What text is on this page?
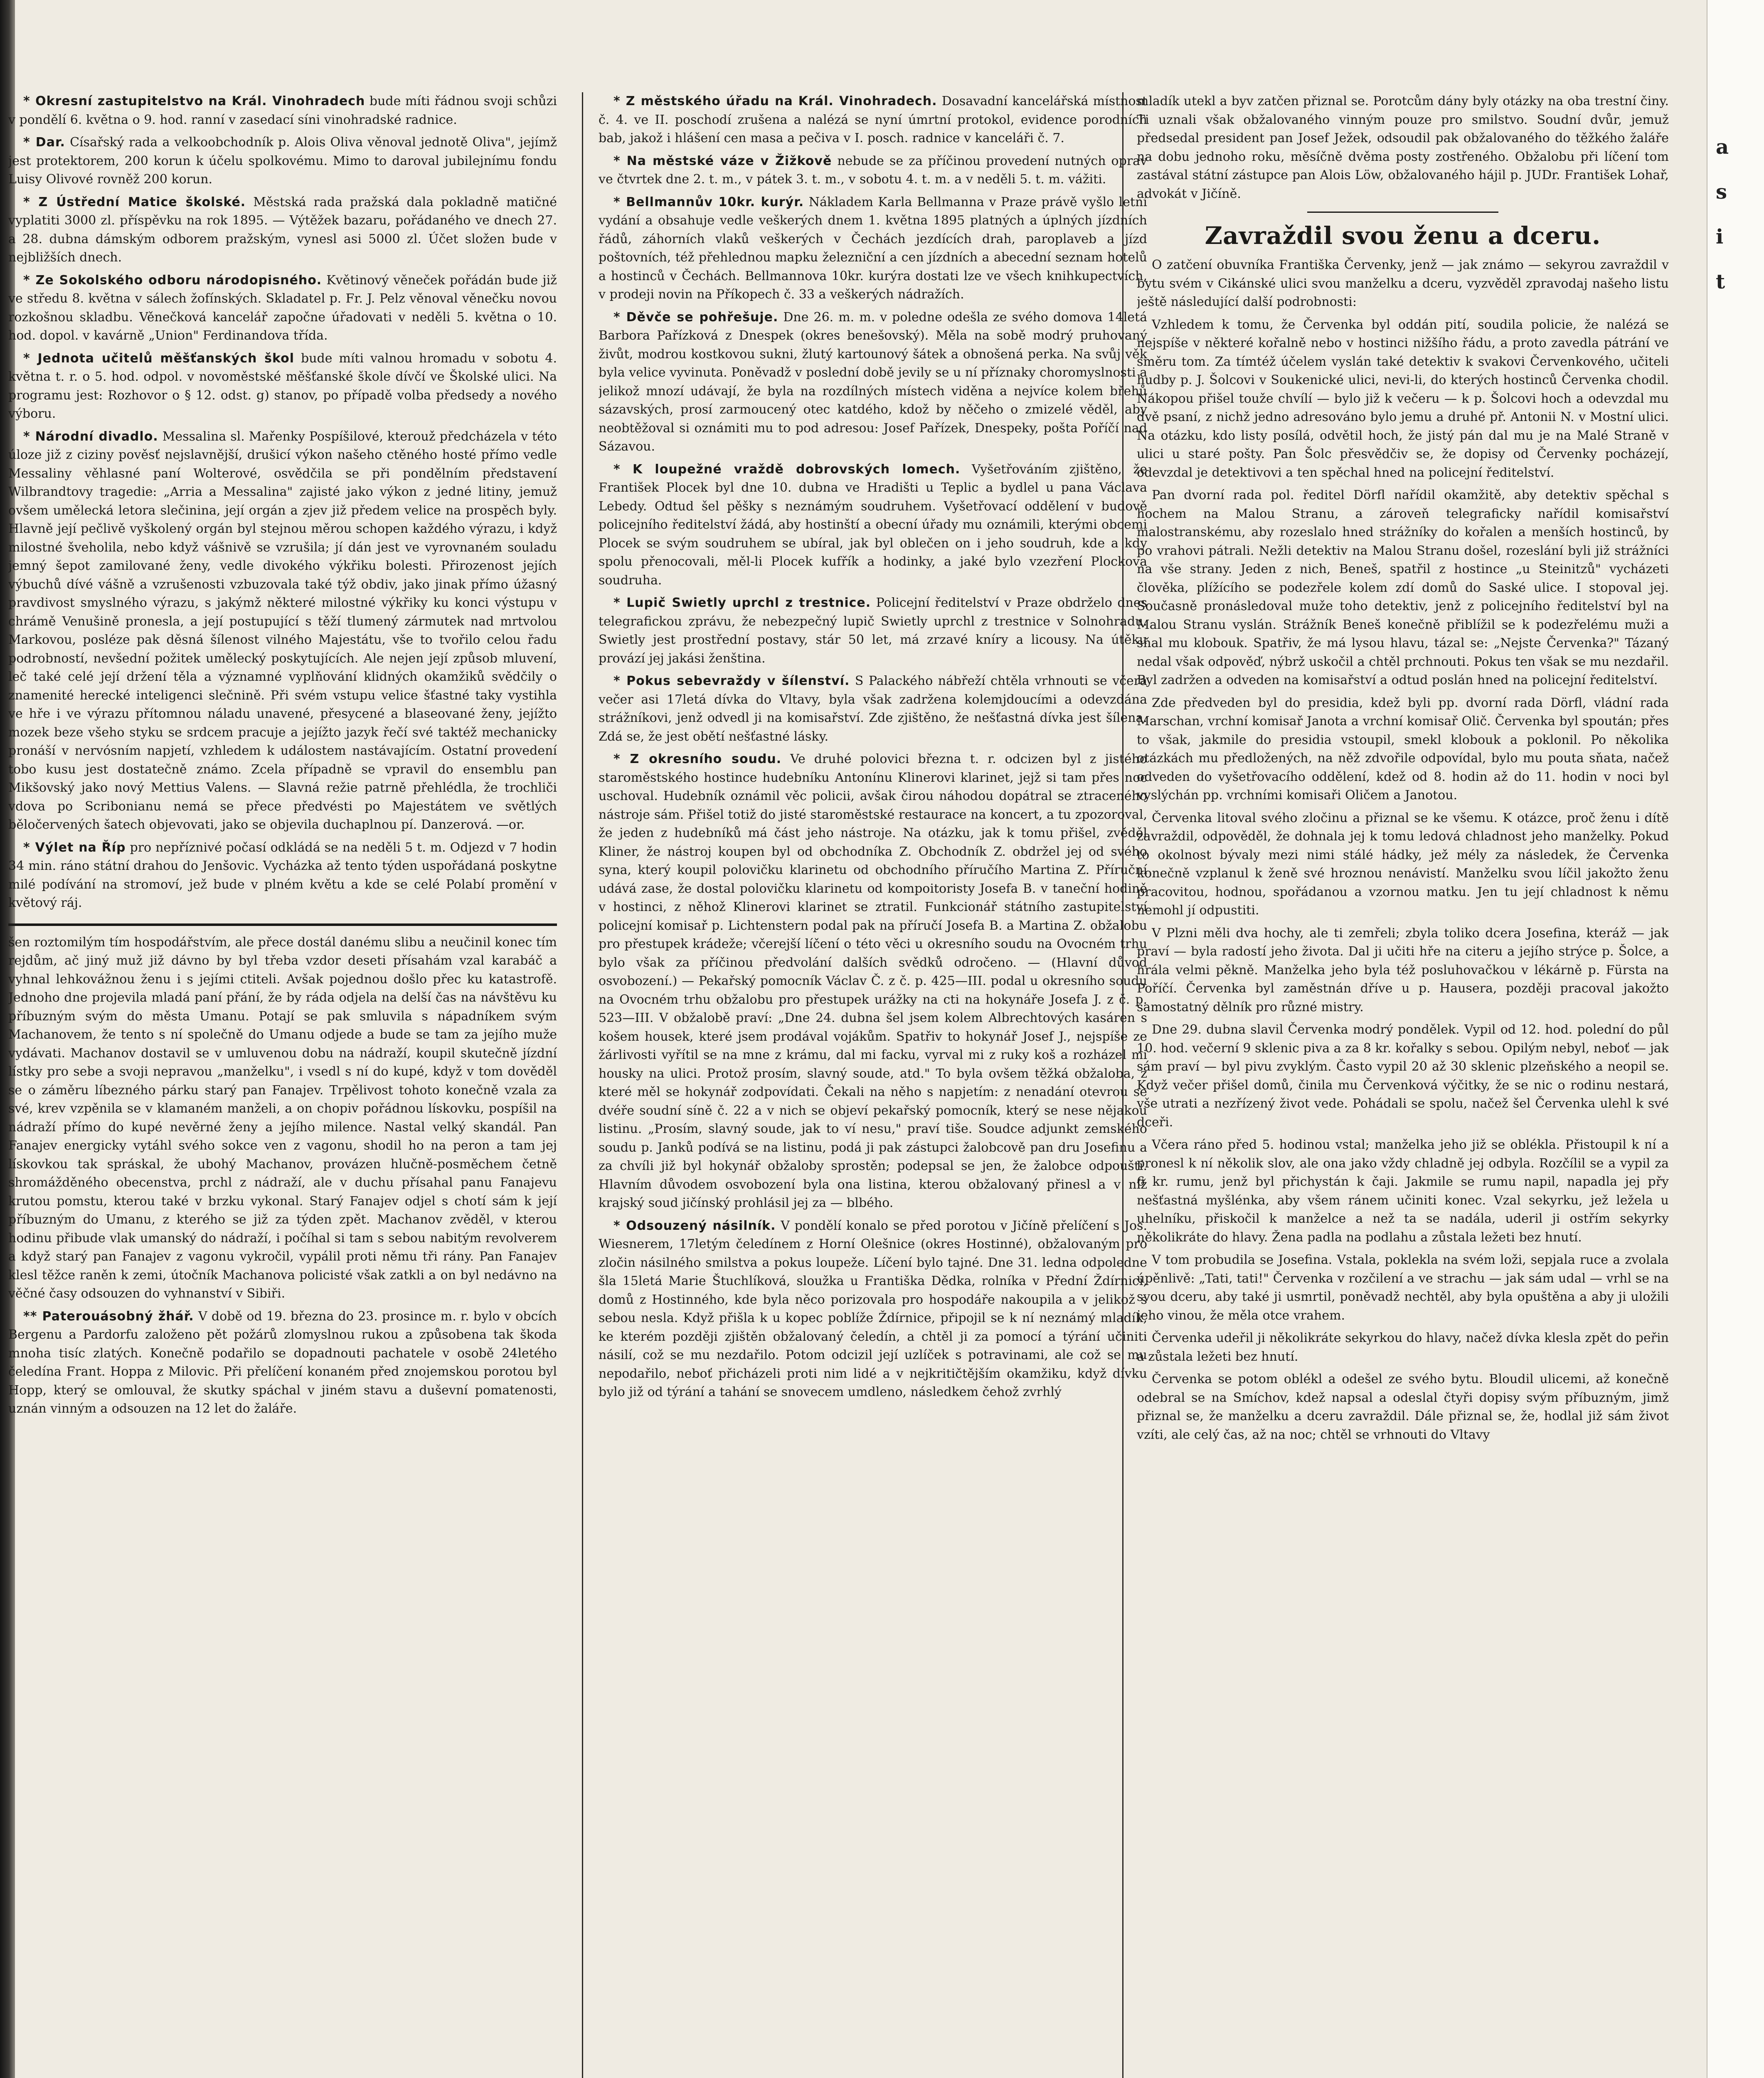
a
s
i
t

* Okresní zastupitelstvo na Král. Vinohradech bude míti řádnou svoji schůzi v pondělí 6. května o 9. hod. ranní v zasedací síni vinohradské radnice.

* Dar. Císařský rada a velkoobchodník p. Alois Oliva věnoval jednotě Oliva", jejímž jest protektorem, 200 korun k účelu spolkovému. Mimo to daroval jubilejnímu fondu Luisy Olivové rovněž 200 korun.

* Z Ústřední Matice školské. Městská rada pražská dala pokladně matičné vyplatiti 3000 zl. příspěvku na rok 1895. — Výtěžek bazaru, pořádaného ve dnech 27. a 28. dubna dámským odborem pražským, vynesl asi 5000 zl. Účet složen bude v nejbližších dnech.

* Ze Sokolského odboru národopisného. Květinový věneček pořádán bude již ve středu 8. května v sálech žofínských. Skladatel p. Fr. J. Pelz věnoval věnečku novou rozkošnou skladbu. Věnečková kancelář započne úřadovati v neděli 5. května o 10. hod. dopol. v kavárně „Union" Ferdinandova třída.

* Jednota učitelů měšťanských škol bude míti valnou hromadu v sobotu 4. května t. r. o 5. hod. odpol. v novoměstské měšťanské škole dívčí ve Školské ulici. Na programu jest: Rozhovor o § 12. odst. g) stanov, po případě volba předsedy a nového výboru.

* Národní divadlo. Messalina sl. Mařenky Pospíšilové, kterouž předcházela v této úloze již z ciziny pověsť nejslavnější, drušicí výkon našeho ctěného hosté přímo vedle Messaliny věhlasné paní Wolterové, osvědčila se při pondělním představení Wilbrandtovy tragedie: „Arria a Messalina" zajisté jako výkon z jedné litiny, jemuž ovšem umělecká letora slečinina, její orgán a zjev již předem velice na prospěch byly. Hlavně její pečlivě vyškolený orgán byl stejnou měrou schopen každého výrazu, i když milostné šveholila, nebo když vášnivě se vzrušila; jí dán jest ve vyrovnaném souladu jemný šepot zamilované ženy, vedle divokého výkřiku bolesti. Přirozenost jejích výbuchů dívé vášně a vzrušenosti vzbuzovala také týž obdiv, jako jinak přímo úžasný pravdivost smyslného výrazu, s jakýmž některé milostné výkřiky ku konci výstupu v chrámě Venušině pronesla, a její postupující s těží tlumený zármutek nad mrtvolou Markovou, posléze pak děsná šílenost vilného Majestátu, vše to tvořilo celou řadu podrobností, nevšední požitek umělecký poskytujících. Ale nejen její způsob mluvení, leč také celé její držení těla a významné vyplňování klidných okamžiků svědčily o znamenité herecké inteligenci slečnině. Při svém vstupu velice šťastné taky vystihla ve hře i ve výrazu přítomnou náladu unavené, přesycené a blaseované ženy, jejížto mozek beze všeho styku se srdcem pracuje a jejížto jazyk řečí své taktéž mechanicky pronáší v nervósním napjetí, vzhledem k událostem nastávajícím. Ostatní provedení tobo kusu jest dostatečně známo. Zcela případně se vpravil do ensemblu pan Mikšovský jako nový Mettius Valens. — Slavná režie patrně přehlédla, že trochliči vdova po Scribonianu nemá se přece předvésti po Majestátem ve světlých běločervených šatech objevovati, jako se objevila duchaplnou pí. Danzerová. —or.

* Výlet na Říp pro nepříznivé počasí odkládá se na neděli 5 t. m. Odjezd v 7 hodin 34 min. ráno státní drahou do Jenšovic. Vycházka až tento týden uspořádaná poskytne milé podívání na stromoví, jež bude v plném květu a kde se celé Polabí promění v květový ráj.

šen roztomilým tím hospodářstvím, ale přece dostál danému slibu a neučinil konec tím rejdům, ač jiný muž již dávno by byl třeba vzdor deseti přísahám vzal karabáč a vyhnal lehkovážnou ženu i s jejími ctiteli. Avšak pojednou došlo přec ku katastrofě. Jednoho dne projevila mladá paní přání, že by ráda odjela na delší čas na návštěvu ku příbuzným svým do města Umanu. Potají se pak smluvila s nápadníkem svým Machanovem, že tento s ní společně do Umanu odjede a bude se tam za jejího muže vydávati. Machanov dostavil se v umluvenou dobu na nádraží, koupil skutečně jízdní lístky pro sebe a svoji nepravou „manželku", i vsedl s ní do kupé, když v tom dověděl se o záměru líbezného párku starý pan Fanajev. Trpělivost tohoto konečně vzala za své, krev vzpěnila se v klamaném manželi, a on chopiv pořádnou lískovku, pospíšil na nádraží přímo do kupé nevěrné ženy a jejího milence. Nastal velký skandál. Pan Fanajev energicky vytáhl svého sokce ven z vagonu, shodil ho na peron a tam jej lískovkou tak spráskal, že ubohý Machanov, provázen hlučně-posměchem četně shromážděného obecenstva, prchl z nádraží, ale v duchu přísahal panu Fanajevu krutou pomstu, kterou také v brzku vykonal. Starý Fanajev odjel s chotí sám k její příbuzným do Umanu, z kterého se již za týden zpět. Machanov zvěděl, v kterou hodinu přibude vlak umanský do nádraží, i počíhal si tam s sebou nabitým revolverem a když starý pan Fanajev z vagonu vykročil, vypálil proti němu tři rány. Pan Fanajev klesl těžce raněn k zemi, útočník Machanova policisté však zatkli a on byl nedávno na věčné časy odsouzen do vyhnanství v Sibiři.

** Paterouásobný žhář. V době od 19. března do 23. prosince m. r. bylo v obcích Bergenu a Pardorfu založeno pět požárů zlomyslnou rukou a způsobena tak škoda mnoha tisíc zlatých. Konečně podařilo se dopadnouti pachatele v osobě 24letého čeledína Frant. Hoppa z Milovic. Při přelíčení konaném před znojemskou porotou byl Hopp, který se omlouval, že skutky spáchal v jiném stavu a duševní pomatenosti, uznán vinným a odsouzen na 12 let do žaláře.

* Z městského úřadu na Král. Vinohradech. Dosavadní kancelářská místnost č. 4. ve II. poschodí zrušena a nalézá se nyní úmrtní protokol, evidence porodních bab, jakož i hlášení cen masa a pečiva v I. posch. radnice v kanceláři č. 7.

* Na městské váze v Žižkově nebude se za příčinou provedení nutných oprav ve čtvrtek dne 2. t. m., v pátek 3. t. m., v sobotu 4. t. m. a v neděli 5. t. m. vážiti.

* Bellmannův 10kr. kurýr. Nákladem Karla Bellmanna v Praze právě vyšlo letní vydání a obsahuje vedle veškerých dnem 1. května 1895 platných a úplných jízdních řádů, záhorních vlaků veškerých v Čechách jezdících drah, paroplaveb a jízd poštovních, též přehlednou mapku železniční a cen jízdních a abecední seznam hotelů a hostinců v Čechách. Bellmannova 10kr. kurýra dostati lze ve všech knihkupectvích, v prodeji novin na Příkopech č. 33 a veškerých nádražích.

* Děvče se pohřešuje. Dne 26. m. m. v poledne odešla ze svého domova 14letá Barbora Pařízková z Dnespek (okres benešovský). Měla na sobě modrý pruhovaný živůt, modrou kostkovou sukni, žlutý kartounový šátek a obnošená perka. Na svůj věk byla velice vyvinuta. Poněvadž v poslední době jevily se u ní příznaky choromyslnosti a jelikož mnozí udávají, že byla na rozdílných místech viděna a nejvíce kolem břehů sázavských, prosí zarmoucený otec katdého, kdož by něčeho o zmizelé věděl, aby neobtěžoval si oznámiti mu to pod adresou: Josef Pařízek, Dnespeky, pošta Poříčí nad Sázavou.

* K loupežné vraždě dobrovských lomech. Vyšetřováním zjištěno, že František Plocek byl dne 10. dubna ve Hradišti u Teplic a bydlel u pana Václava Lebedy. Odtud šel pěšky s neznámým soudruhem. Vyšetřovací oddělení v budově policejního ředitelství žádá, aby hostinští a obecní úřady mu oznámili, kterými obcemi Plocek se svým soudruhem se ubíral, jak byl oblečen on i jeho soudruh, kde a kdy spolu přenocovali, měl-li Plocek kufřík a hodinky, a jaké bylo vzezření Plockova soudruha.

* Lupič Swietly uprchl z trestnice. Policejní ředitelství v Praze obdrželo dnes telegrafickou zprávu, že nebezpečný lupič Swietly uprchl z trestnice v Solnohradu. Swietly jest prostřední postavy, stár 50 let, má zrzavé kníry a licousy. Na útěku provází jej jakási ženština.

* Pokus sebevraždy v šílenství. S Palackého nábřeží chtěla vrhnouti se včera večer asi 17letá dívka do Vltavy, byla však zadržena kolemjdoucími a odevzdána strážníkovi, jenž odvedl ji na komisařství. Zde zjištěno, že nešťastná dívka jest šílena. Zdá se, že jest obětí nešťastné lásky.

* Z okresního soudu. Ve druhé polovici března t. r. odcizen byl z jistého staroměstského hostince hudebníku Antonínu Klinerovi klarinet, jejž si tam přes noc uschoval. Hudebník oznámil věc policii, avšak čirou náhodou dopátral se ztraceného nástroje sám. Přišel totiž do jisté staroměstské restaurace na koncert, a tu zpozoroval, že jeden z hudebníků má část jeho nástroje. Na otázku, jak k tomu přišel, zvěděl Kliner, že nástroj koupen byl od obchodníka Z. Obchodník Z. obdržel jej od svého syna, který koupil polovičku klarinetu od obchodního příručího Martina Z. Příruční udává zase, že dostal polovičku klarinetu od kompoitoristy Josefa B. v taneční hodině v hostinci, z něhož Klinerovi klarinet se ztratil. Funkcionář státního zastupitelství policejní komisař p. Lichtenstern podal pak na příručí Josefa B. a Martina Z. obžalobu pro přestupek krádeže; včerejší líčení o této věci u okresního soudu na Ovocném trhu bylo však za příčinou předvolání dalších svědků odročeno. — (Hlavní důvod osvobození.) — Pekařský pomocník Václav Č. z č. p. 425—III. podal u okresního soudu na Ovocném trhu obžalobu pro přestupek urážky na cti na hokynáře Josefa J. z č. p. 523—III. V obžalobě praví: „Dne 24. dubna šel jsem kolem Albrechtových kasáren s košem housek, které jsem prodával vojákům. Spatřiv to hokynář Josef J., nejspíše ze žárlivosti vyřítil se na mne z krámu, dal mi facku, vyrval mi z ruky koš a rozházel mi housky na ulici. Protož prosím, slavný soude, atd." To byla ovšem těžká obžaloba, z které měl se hokynář zodpovídati. Čekali na něho s napjetím: z nenadání otevrou se dvéře soudní síně č. 22 a v nich se objeví pekařský pomocník, který se nese nějakou listinu. „Prosím, slavný soude, jak to ví nesu," praví tiše. Soudce adjunkt zemského soudu p. Janků podívá se na listinu, podá ji pak zástupci žalobcově pan dru Josefinu a za chvíli již byl hokynář obžaloby sprostěn; podepsal se jen, že žalobce odpouští. Hlavním důvodem osvobození byla ona listina, kterou obžalovaný přinesl a v níž krajský soud jičínský prohlásil jej za — blbého.

* Odsouzený násilník. V pondělí konalo se před porotou v Jičíně přelíčení s Jos. Wiesnerem, 17letým čeledínem z Horní Olešnice (okres Hostinné), obžalovaným pro zločin násilného smilstva a pokus loupeže. Líčení bylo tajné. Dne 31. ledna odpoledne šla 15letá Marie Štuchlíková, sloužka u Františka Dědka, rolníka v Přední Ždírnici, domů z Hostinného, kde byla něco porizovala pro hospodáře nakoupila a v jelikož s sebou nesla. Když přišla k u kopec poblíže Ždírnice, připojil se k ní neznámý mladík, ke kterém později zjištěn obžalovaný čeledín, a chtěl ji za pomocí a týrání učiniti násilí, což se mu nezdařilo. Potom odcizil její uzlíček s potravinami, ale což se mu nepodařilo, neboť přicházeli proti nim lidé a v nejkritičtějším okamžiku, když dívku bylo již od týrání a tahání se snovecem umdleno, následkem čehož zvrhlý

mladík utekl a byv zatčen přiznal se. Porotcům dány byly otázky na oba trestní činy. Ti uznali však obžalovaného vinným pouze pro smilstvo. Soudní dvůr, jemuž předsedal president pan Josef Ježek, odsoudil pak obžalovaného do těžkého žaláře na dobu jednoho roku, měsíčně dvěma posty zostřeného. Obžalobu při líčení tom zastával státní zástupce pan Alois Löw, obžalovaného hájil p. JUDr. František Lohař, advokát v Jičíně.

Zavraždil svou ženu a dceru.

O zatčení obuvníka Františka Červenky, jenž — jak známo — sekyrou zavraždil v bytu svém v Cikánské ulici svou manželku a dceru, vyzvěděl zpravodaj našeho listu ještě následující další podrobnosti:

Vzhledem k tomu, že Červenka byl oddán pití, soudila policie, že nalézá se nejspíše v některé kořalně nebo v hostinci nižšího řádu, a proto zavedla pátrání ve směru tom. Za tímtéž účelem vyslán také detektiv k svakovi Červenkového, učiteli hudby p. J. Šolcovi v Soukenické ulici, nevi-li, do kterých hostinců Červenka chodil. Nákopou přišel touže chvílí — bylo již k večeru — k p. Šolcovi hoch a odevzdal mu dvě psaní, z nichž jedno adresováno bylo jemu a druhé př. Antonii N. v Mostní ulici. Na otázku, kdo listy posílá, odvětil hoch, že jistý pán dal mu je na Malé Straně v ulici u staré pošty. Pan Šolc přesvědčiv se, že dopisy od Červenky pocházejí, odevzdal je detektivovi a ten spěchal hned na policejní ředitelství.

Pan dvorní rada pol. ředitel Dörfl nařídil okamžitě, aby detektiv spěchal s hochem na Malou Stranu, a zároveň telegraficky nařídil komisařství malostranskému, aby rozeslalo hned strážníky do kořalen a menších hostinců, by po vrahovi pátrali. Nežli detektiv na Malou Stranu došel, rozeslání byli již strážníci na vše strany. Jeden z nich, Beneš, spatřil z hostince „u Steinitzů" vycházeti člověka, plížícího se podezřele kolem zdí domů do Saské ulice. I stopoval jej. Současně pronásledoval muže toho detektiv, jenž z policejního ředitelství byl na Malou Stranu vyslán. Strážník Beneš konečně přiblížil se k podezřelému muži a sňal mu klobouk. Spatřiv, že má lysou hlavu, tázal se: „Nejste Červenka?" Tázaný nedal však odpověď, nýbrž uskočil a chtěl prchnouti. Pokus ten však se mu nezdařil. Byl zadržen a odveden na komisařství a odtud poslán hned na policejní ředitelství.

Zde předveden byl do presidia, kdež byli pp. dvorní rada Dörfl, vládní rada Marschan, vrchní komisař Janota a vrchní komisař Olič. Červenka byl spoután; přes to však, jakmile do presidia vstoupil, smekl klobouk a poklonil. Po několika otázkách mu předložených, na něž zdvořile odpovídal, bylo mu pouta sňata, načež odveden do vyšetřovacího oddělení, kdež od 8. hodin až do 11. hodin v noci byl vyslýchán pp. vrchními komisaři Oličem a Janotou.

Červenka litoval svého zločinu a přiznal se ke všemu. K otázce, proč ženu i dítě zavraždil, odpověděl, že dohnala jej k tomu ledová chladnost jeho manželky. Pokud to okolnost bývaly mezi nimi stálé hádky, jež mély za následek, že Červenka konečně vzplanul k ženě své hroznou nenávistí. Manželku svou líčil jakožto ženu pracovitou, hodnou, spořádanou a vzornou matku. Jen tu její chladnost k němu nemohl jí odpustiti.

V Plzni měli dva hochy, ale ti zemřeli; zbyla toliko dcera Josefina, kteráž — jak praví — byla radostí jeho života. Dal ji učiti hře na citeru a jejího strýce p. Šolce, a hrála velmi pěkně. Manželka jeho byla též posluhovačkou v lékárně p. Fürsta na Poříčí. Červenka byl zaměstnán dříve u p. Hausera, později pracoval jakožto samostatný dělník pro různé mistry.

Dne 29. dubna slavil Červenka modrý pondělek. Vypil od 12. hod. polední do půl 10. hod. večerní 9 sklenic piva a za 8 kr. kořalky s sebou. Opilým nebyl, neboť — jak sám praví — byl pivu zvyklým. Často vypil 20 až 30 sklenic plzeňského a neopil se. Když večer přišel domů, činila mu Červenková výčitky, že se nic o rodinu nestará, vše utrati a nezřízený život vede. Pohádali se spolu, načež šel Červenka ulehl k své dceři.

Včera ráno před 5. hodinou vstal; manželka jeho již se oblékla. Přistoupil k ní a pronesl k ní několik slov, ale ona jako vždy chladně jej odbyla. Rozčílil se a vypil za 6 kr. rumu, jenž byl přichystán k čaji. Jakmile se rumu napil, napadla jej přy nešťastná myšlénka, aby všem ránem učiniti konec. Vzal sekyrku, jež ležela u uhelníku, přiskočil k manželce a než ta se nadála, uderil ji ostřím sekyrky několikráte do hlavy. Žena padla na podlahu a zůstala ležeti bez hnutí.

V tom probudila se Josefina. Vstala, poklekla na svém loži, sepjala ruce a zvolala úpěnlivě: „Tati, tati!" Červenka v rozčilení a ve strachu — jak sám udal — vrhl se na svou dceru, aby také ji usmrtil, poněvadž nechtěl, aby byla opuštěna a aby ji uložili jeho vinou, že měla otce vrahem.

Červenka udeřil ji několikráte sekyrkou do hlavy, načež dívka klesla zpět do peřin a zůstala ležeti bez hnutí.

Červenka se potom oblékl a odešel ze svého bytu. Bloudil ulicemi, až konečně odebral se na Smíchov, kdež napsal a odeslal čtyři dopisy svým příbuzným, jimž přiznal se, že manželku a dceru zavraždil. Dále přiznal se, že, hodlal již sám život vzíti, ale celý čas, až na noc; chtěl se vrhnouti do Vltavy
